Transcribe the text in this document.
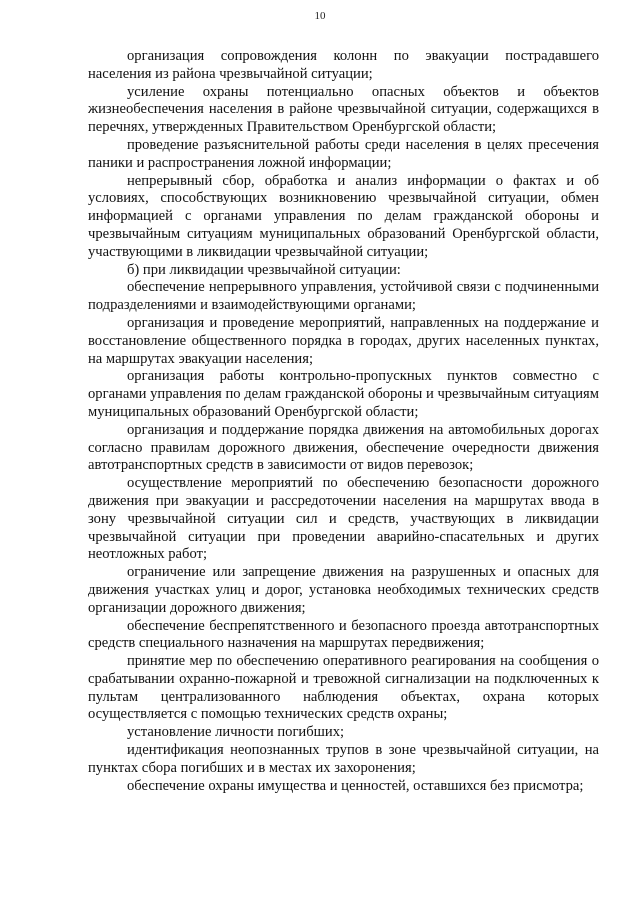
10

организация сопровождения колонн по эвакуации пострадавшего населения из района чрезвычайной ситуации;

усиление охраны потенциально опасных объектов и объектов жизнеобеспечения населения в районе чрезвычайной ситуации, содержащихся в перечнях, утвержденных Правительством Оренбургской области;

проведение разъяснительной работы среди населения в целях пресечения паники и распространения ложной информации;

непрерывный сбор, обработка и анализ информации о фактах и об условиях, способствующих возникновению чрезвычайной ситуации, обмен информацией с органами управления по делам гражданской обороны и чрезвычайным ситуациям муниципальных образований Оренбургской области, участвующими в ликвидации чрезвычайной ситуации;

б) при ликвидации чрезвычайной ситуации:

обеспечение непрерывного управления, устойчивой связи с подчиненными подразделениями и взаимодействующими органами;

организация и проведение мероприятий, направленных на поддержание и восстановление общественного порядка в городах, других населенных пунктах, на маршрутах эвакуации населения;

организация работы контрольно-пропускных пунктов совместно с органами управления по делам гражданской обороны и чрезвычайным ситуациям муниципальных образований Оренбургской области;

организация и поддержание порядка движения на автомобильных дорогах согласно правилам дорожного движения, обеспечение очередности движения автотранспортных средств в зависимости от видов перевозок;

осуществление мероприятий по обеспечению безопасности дорожного движения при эвакуации и рассредоточении населения на маршрутах ввода в зону чрезвычайной ситуации сил и средств, участвующих в ликвидации чрезвычайной ситуации при проведении аварийно-спасательных и других неотложных работ;

ограничение или запрещение движения на разрушенных и опасных для движения участках улиц и дорог, установка необходимых технических средств организации дорожного движения;

обеспечение беспрепятственного и безопасного проезда автотранспортных средств специального назначения на маршрутах передвижения;

принятие мер по обеспечению оперативного реагирования на сообщения о срабатывании охранно-пожарной и тревожной сигнализации на подключенных к пультам централизованного наблюдения объектах, охрана которых осуществляется с помощью технических средств охраны;

установление личности погибших;

идентификация неопознанных трупов в зоне чрезвычайной ситуации, на пунктах сбора погибших и в местах их захоронения;

обеспечение охраны имущества и ценностей, оставшихся без присмотра;
